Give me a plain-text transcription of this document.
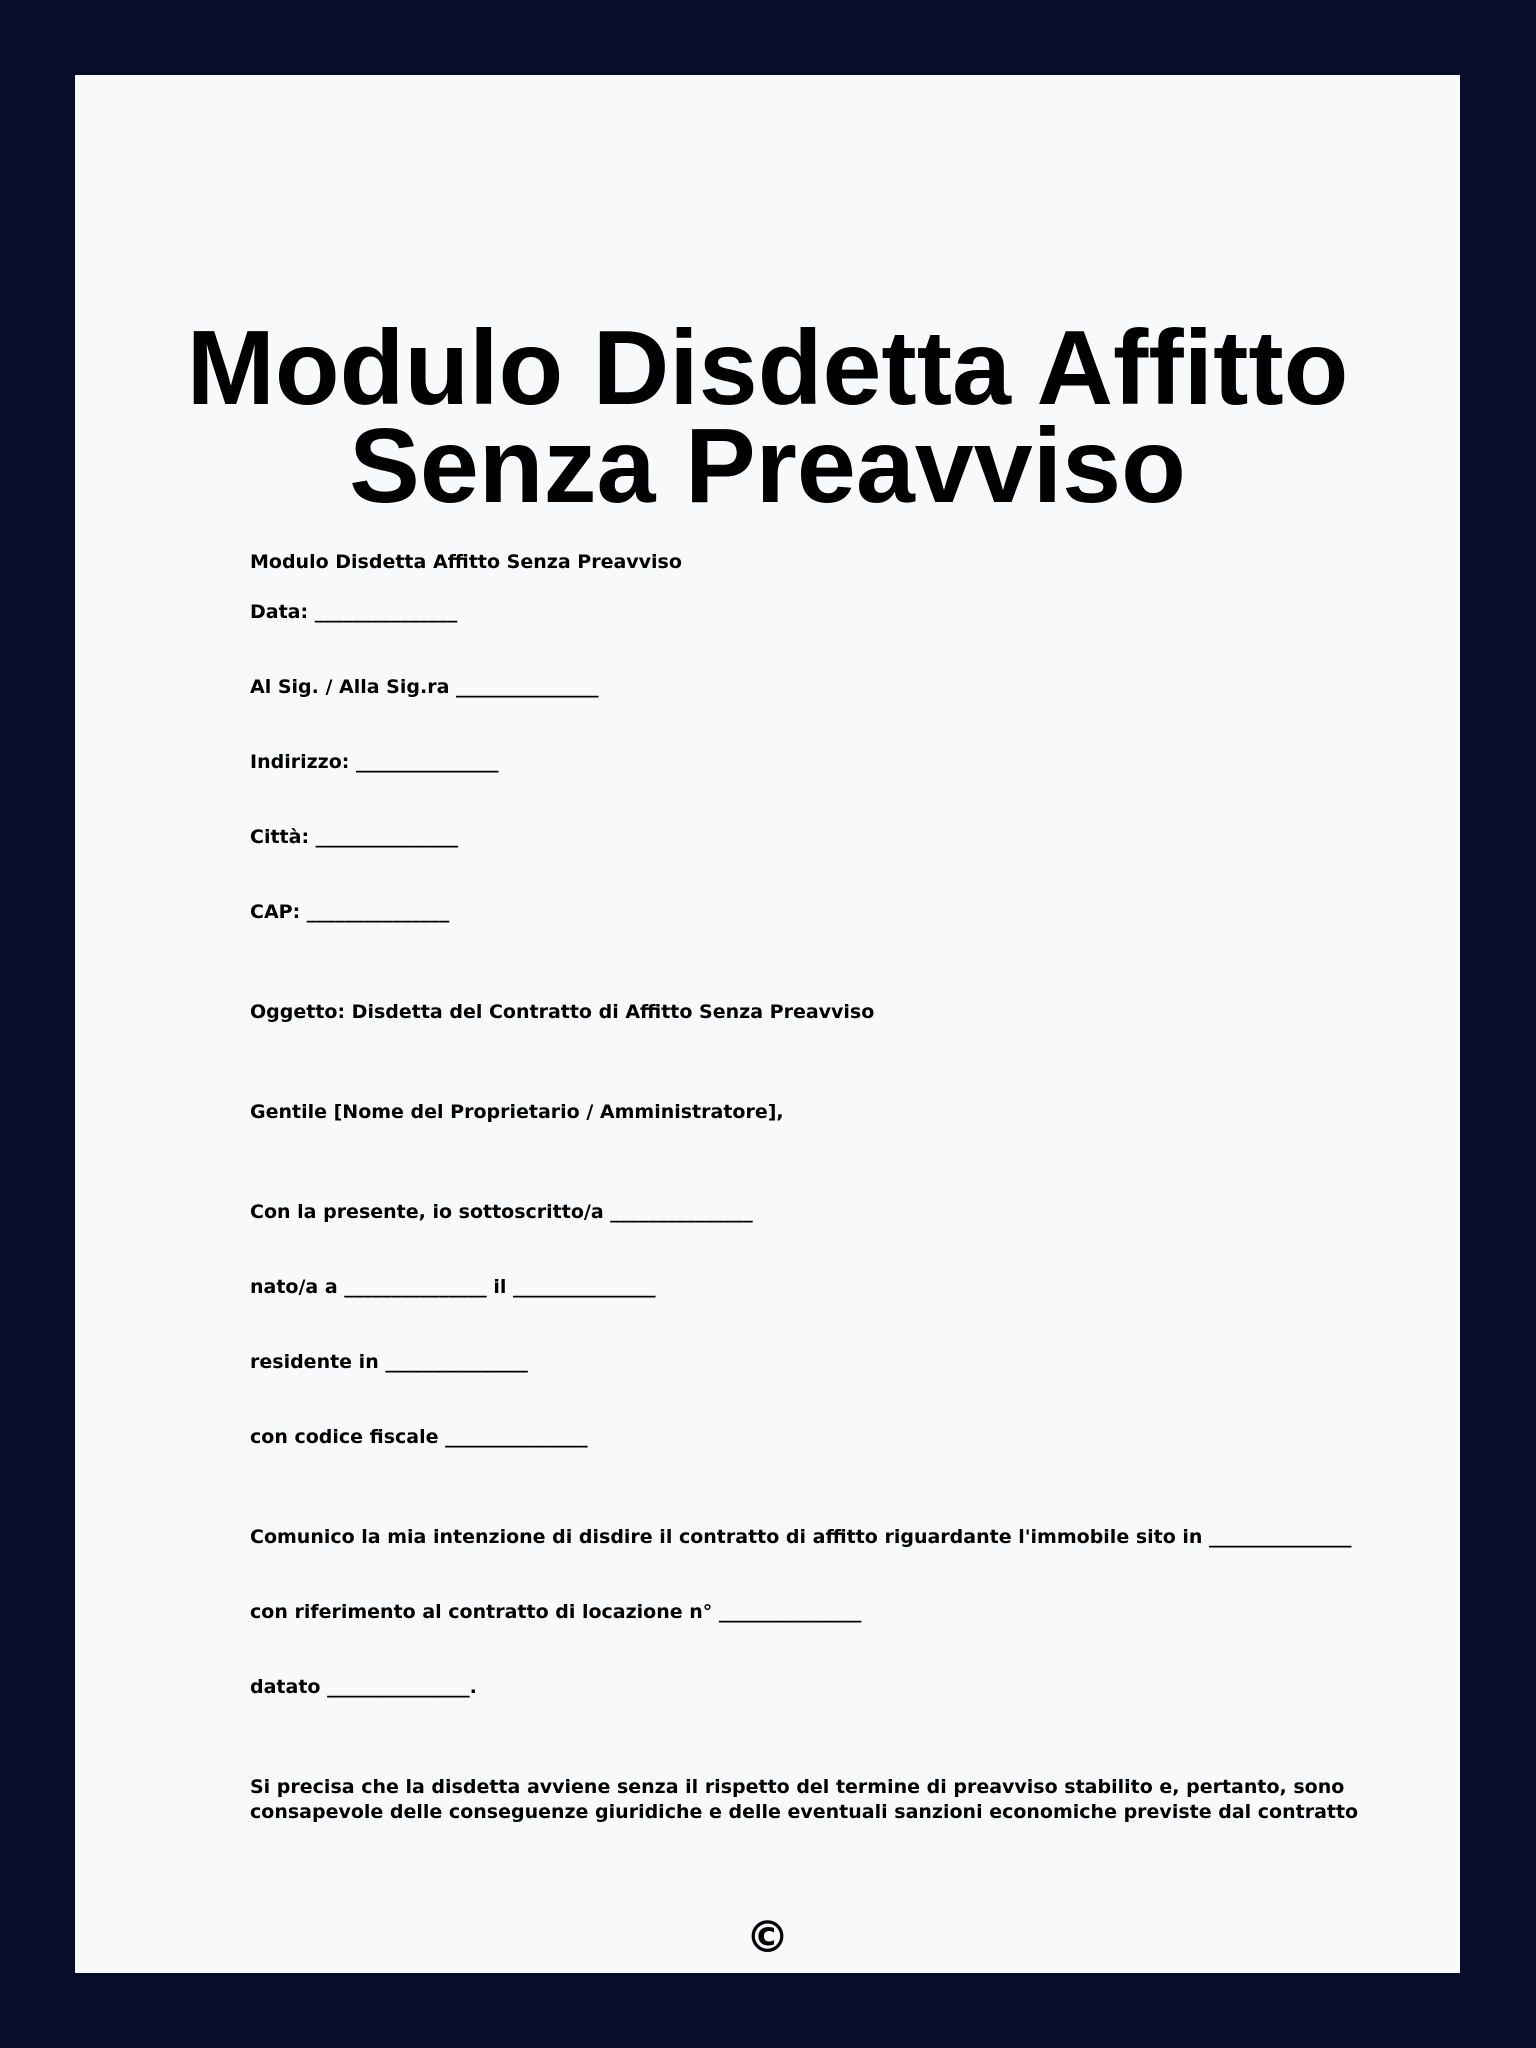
Modulo Disdetta Affitto
Senza Preavviso

Modulo Disdetta Affitto Senza Preavviso

Data: _______________

Al Sig. / Alla Sig.ra _______________

Indirizzo: _______________

Città: _______________

CAP: _______________

Oggetto: Disdetta del Contratto di Affitto Senza Preavviso

Gentile [Nome del Proprietario / Amministratore],

Con la presente, io sottoscritto/a _______________

nato/a a _______________ il _______________

residente in _______________

con codice fiscale _______________

Comunico la mia intenzione di disdire il contratto di affitto riguardante l'immobile sito in _______________

con riferimento al contratto di locazione n° _______________

datato _______________.

Si precisa che la disdetta avviene senza il rispetto del termine di preavviso stabilito e, pertanto, sono
consapevole delle conseguenze giuridiche e delle eventuali sanzioni economiche previste dal contratto

©
